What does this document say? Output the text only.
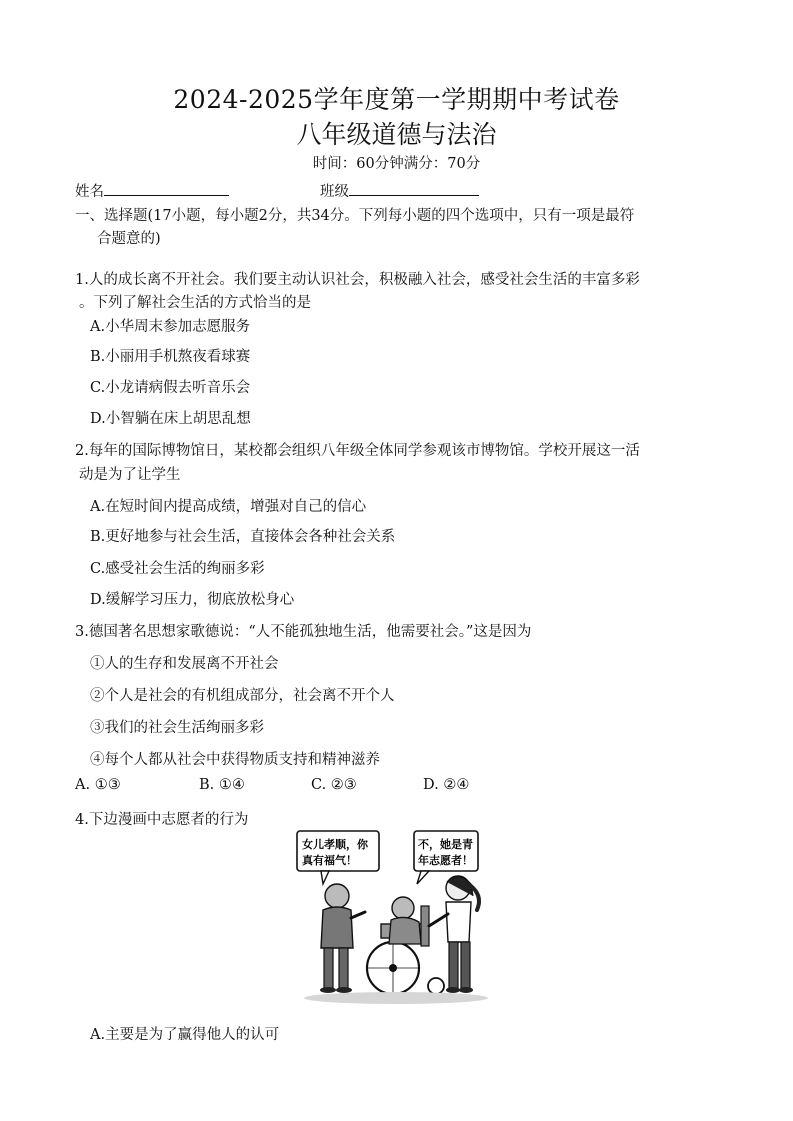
2024-2025学年度第一学期期中考试卷
八年级道德与法治
时间：60分钟满分：70分
姓名	班级
一、选择题(17小题，每小题2分，共34分。下列每小题的四个选项中，只有一项是最符
合题意的)
1.人的成长离不开社会。我们要主动认识社会，积极融入社会，感受社会生活的丰富多彩
。下列了解社会生活的方式恰当的是
A.小华周末参加志愿服务
B.小丽用手机熬夜看球赛
C.小龙请病假去听音乐会
D.小智躺在床上胡思乱想
2.每年的国际博物馆日，某校都会组织八年级全体同学参观该市博物馆。学校开展这一活
动是为了让学生
A.在短时间内提高成绩，增强对自己的信心
B.更好地参与社会生活，直接体会各种社会关系
C.感受社会生活的绚丽多彩
D.缓解学习压力，彻底放松身心
3.德国著名思想家歌德说：“人不能孤独地生活，他需要社会。”这是因为
①人的生存和发展离不开社会
②个人是社会的有机组成部分，社会离不开个人
③我们的社会生活绚丽多彩
④每个人都从社会中获得物质支持和精神滋养
A. ①③	B. ①④	C. ②③	D. ②④
4.下边漫画中志愿者的行为
女儿孝顺，你
真有福气！
不，她是青
年志愿者！
A.主要是为了赢得他人的认可
